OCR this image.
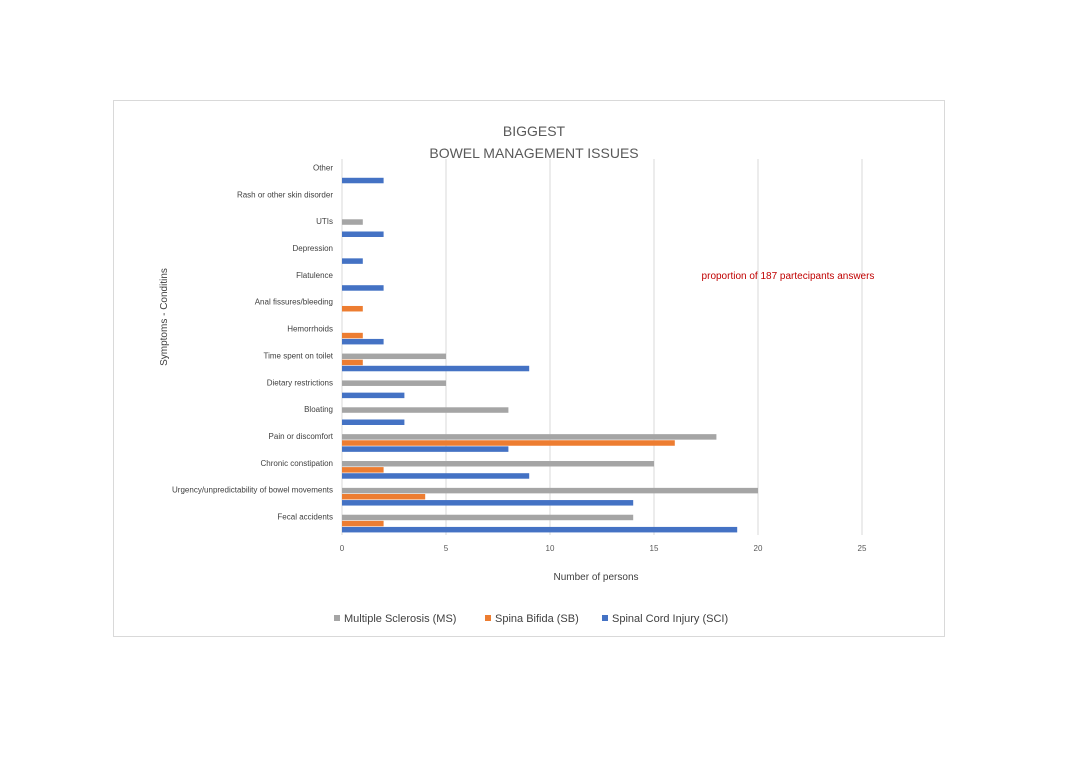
Fecal accidents
Urgency/unpredictability of bowel movements
Chronic constipation
Pain or discomfort
Bloating
Dietary restrictions
Time spent on toilet
Hemorrhoids
Anal fissures/bleeding
Flatulence
Depression
UTIs
Rash or other skin disorder
Other
0	5	10	15	20	25
BIGGEST
BOWEL MANAGEMENT ISSUES
Number of persons
Symptoms - Conditins	proportion of 187 partecipants answers
Multiple Sclerosis (MS)	Spina Bifida (SB)	Spinal Cord Injury (SCI)
